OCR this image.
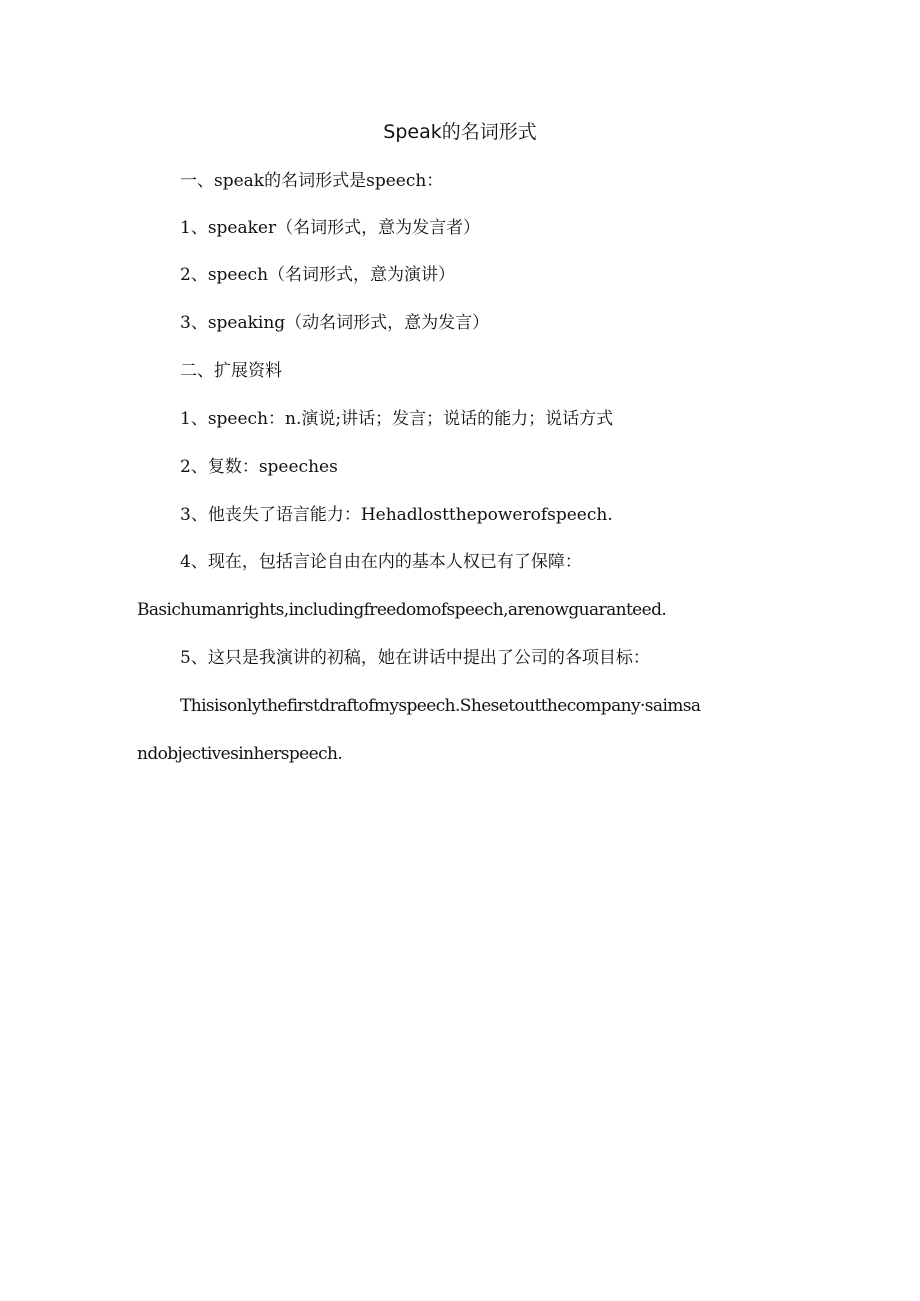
Speak的名词形式
一、speak的名词形式是speech：
1、speaker（名词形式，意为发言者）
2、speech（名词形式，意为演讲）
3、speaking（动名词形式，意为发言）
二、扩展资料
1、speech：n.演说;讲话；发言；说话的能力；说话方式
2、复数：speeches
3、他丧失了语言能力：Hehadlostthepowerofspeech.
4、现在，包括言论自由在内的基本人权已有了保障：
Basichumanrights,includingfreedomofspeech,arenowguaranteed.
5、这只是我演讲的初稿，她在讲话中提出了公司的各项目标：
Thisisonlythefirstdraftofmyspeech.Shesetoutthecompany·saimsa
ndobjectivesinherspeech.
